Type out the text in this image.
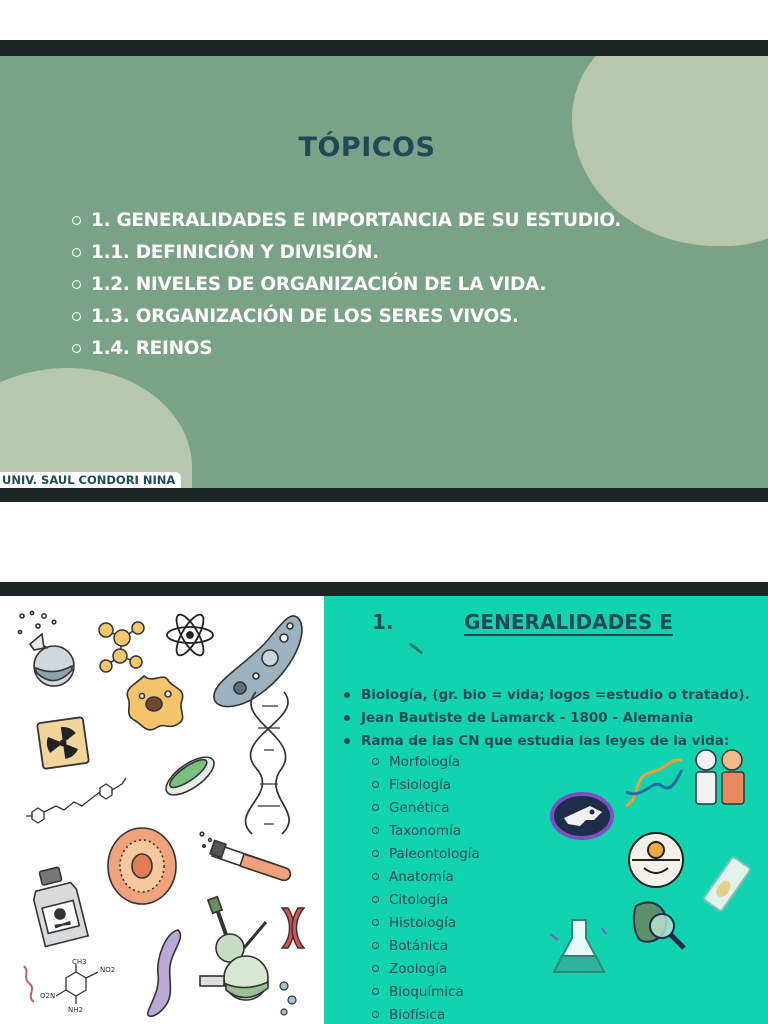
TÓPICOS
1. GENERALIDADES E IMPORTANCIA DE SU ESTUDIO.
1.1. DEFINICIÓN Y DIVISIÓN.
1.2. NIVELES DE ORGANIZACIÓN DE LA VIDA.
1.3. ORGANIZACIÓN DE LOS SERES VIVOS.
1.4. REINOS
UNIV. SAUL CONDORI NINA
CH3
NO2
O2N
NH2
1.	GENERALIDADES E
Biología, (gr. bio = vida; logos =estudio o tratado).
Jean Bautiste de Lamarck - 1800 - Alemania
Rama de las CN que estudia las leyes de la vida:
Morfología
Fisiología
Genética
Taxonomía
Paleontología
Anatomía
Citología
Histología
Botánica
Zoología
Bioquímica
Biofísica
